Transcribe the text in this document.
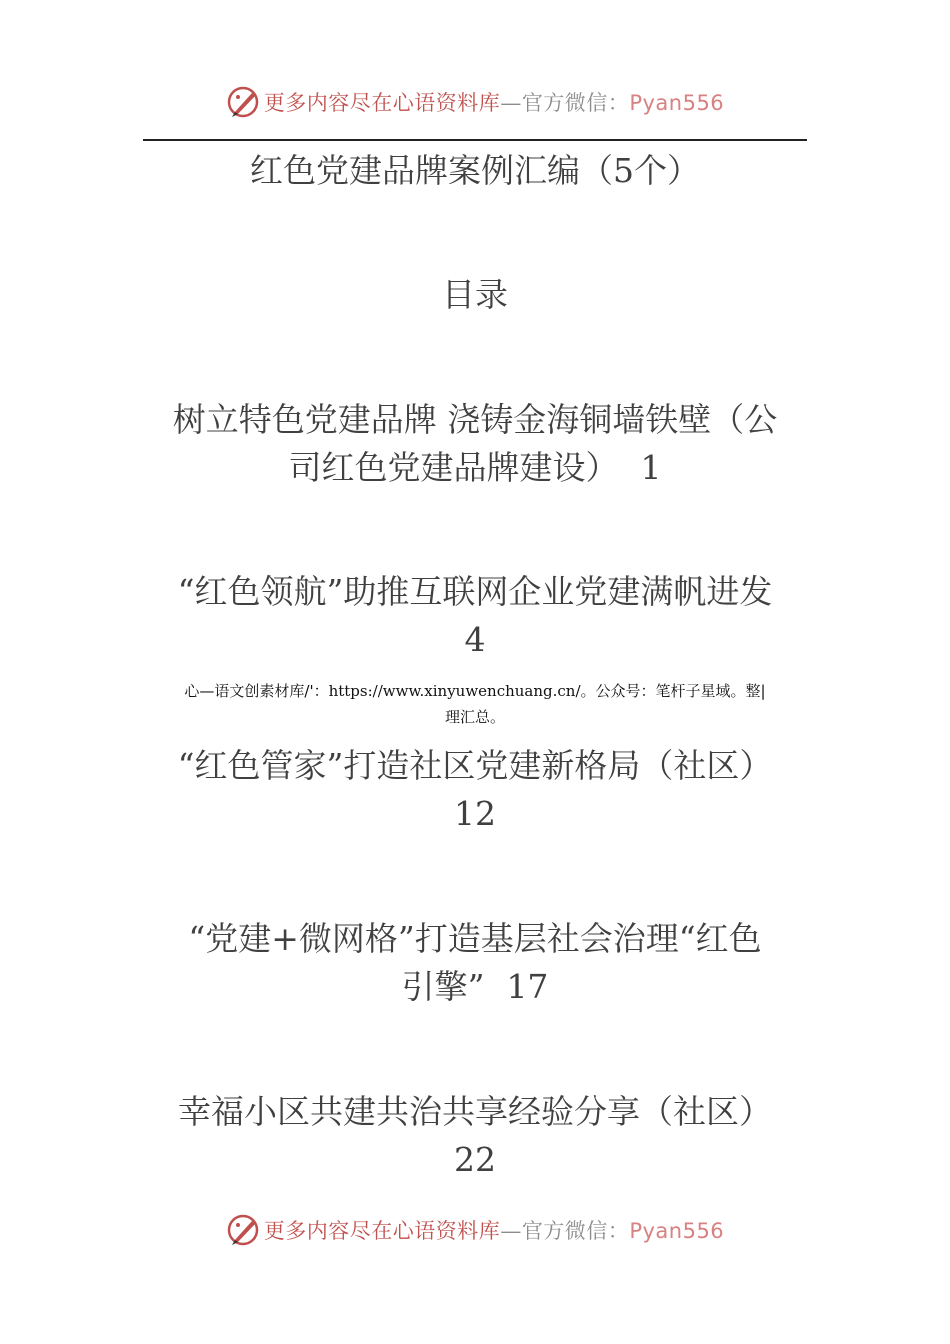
更多内容尽在心语资料库—官方微信：Pyan556
红色党建品牌案例汇编（5个）
目录
树立特色党建品牌 浇铸金海铜墙铁壁（公
司红色党建品牌建设） 1
“红色领航”助推互联网企业党建满帆进发
4
心—语文创素材库/'：https://www.xinyuwenchuang.cn/。公众号：笔杆子星域。整|
理汇总。
“红色管家”打造社区党建新格局（社区）
12
“党建+微网格”打造基层社会治理“红色
引擎” 17
幸福小区共建共治共享经验分享（社区）
22
更多内容尽在心语资料库—官方微信：Pyan556
